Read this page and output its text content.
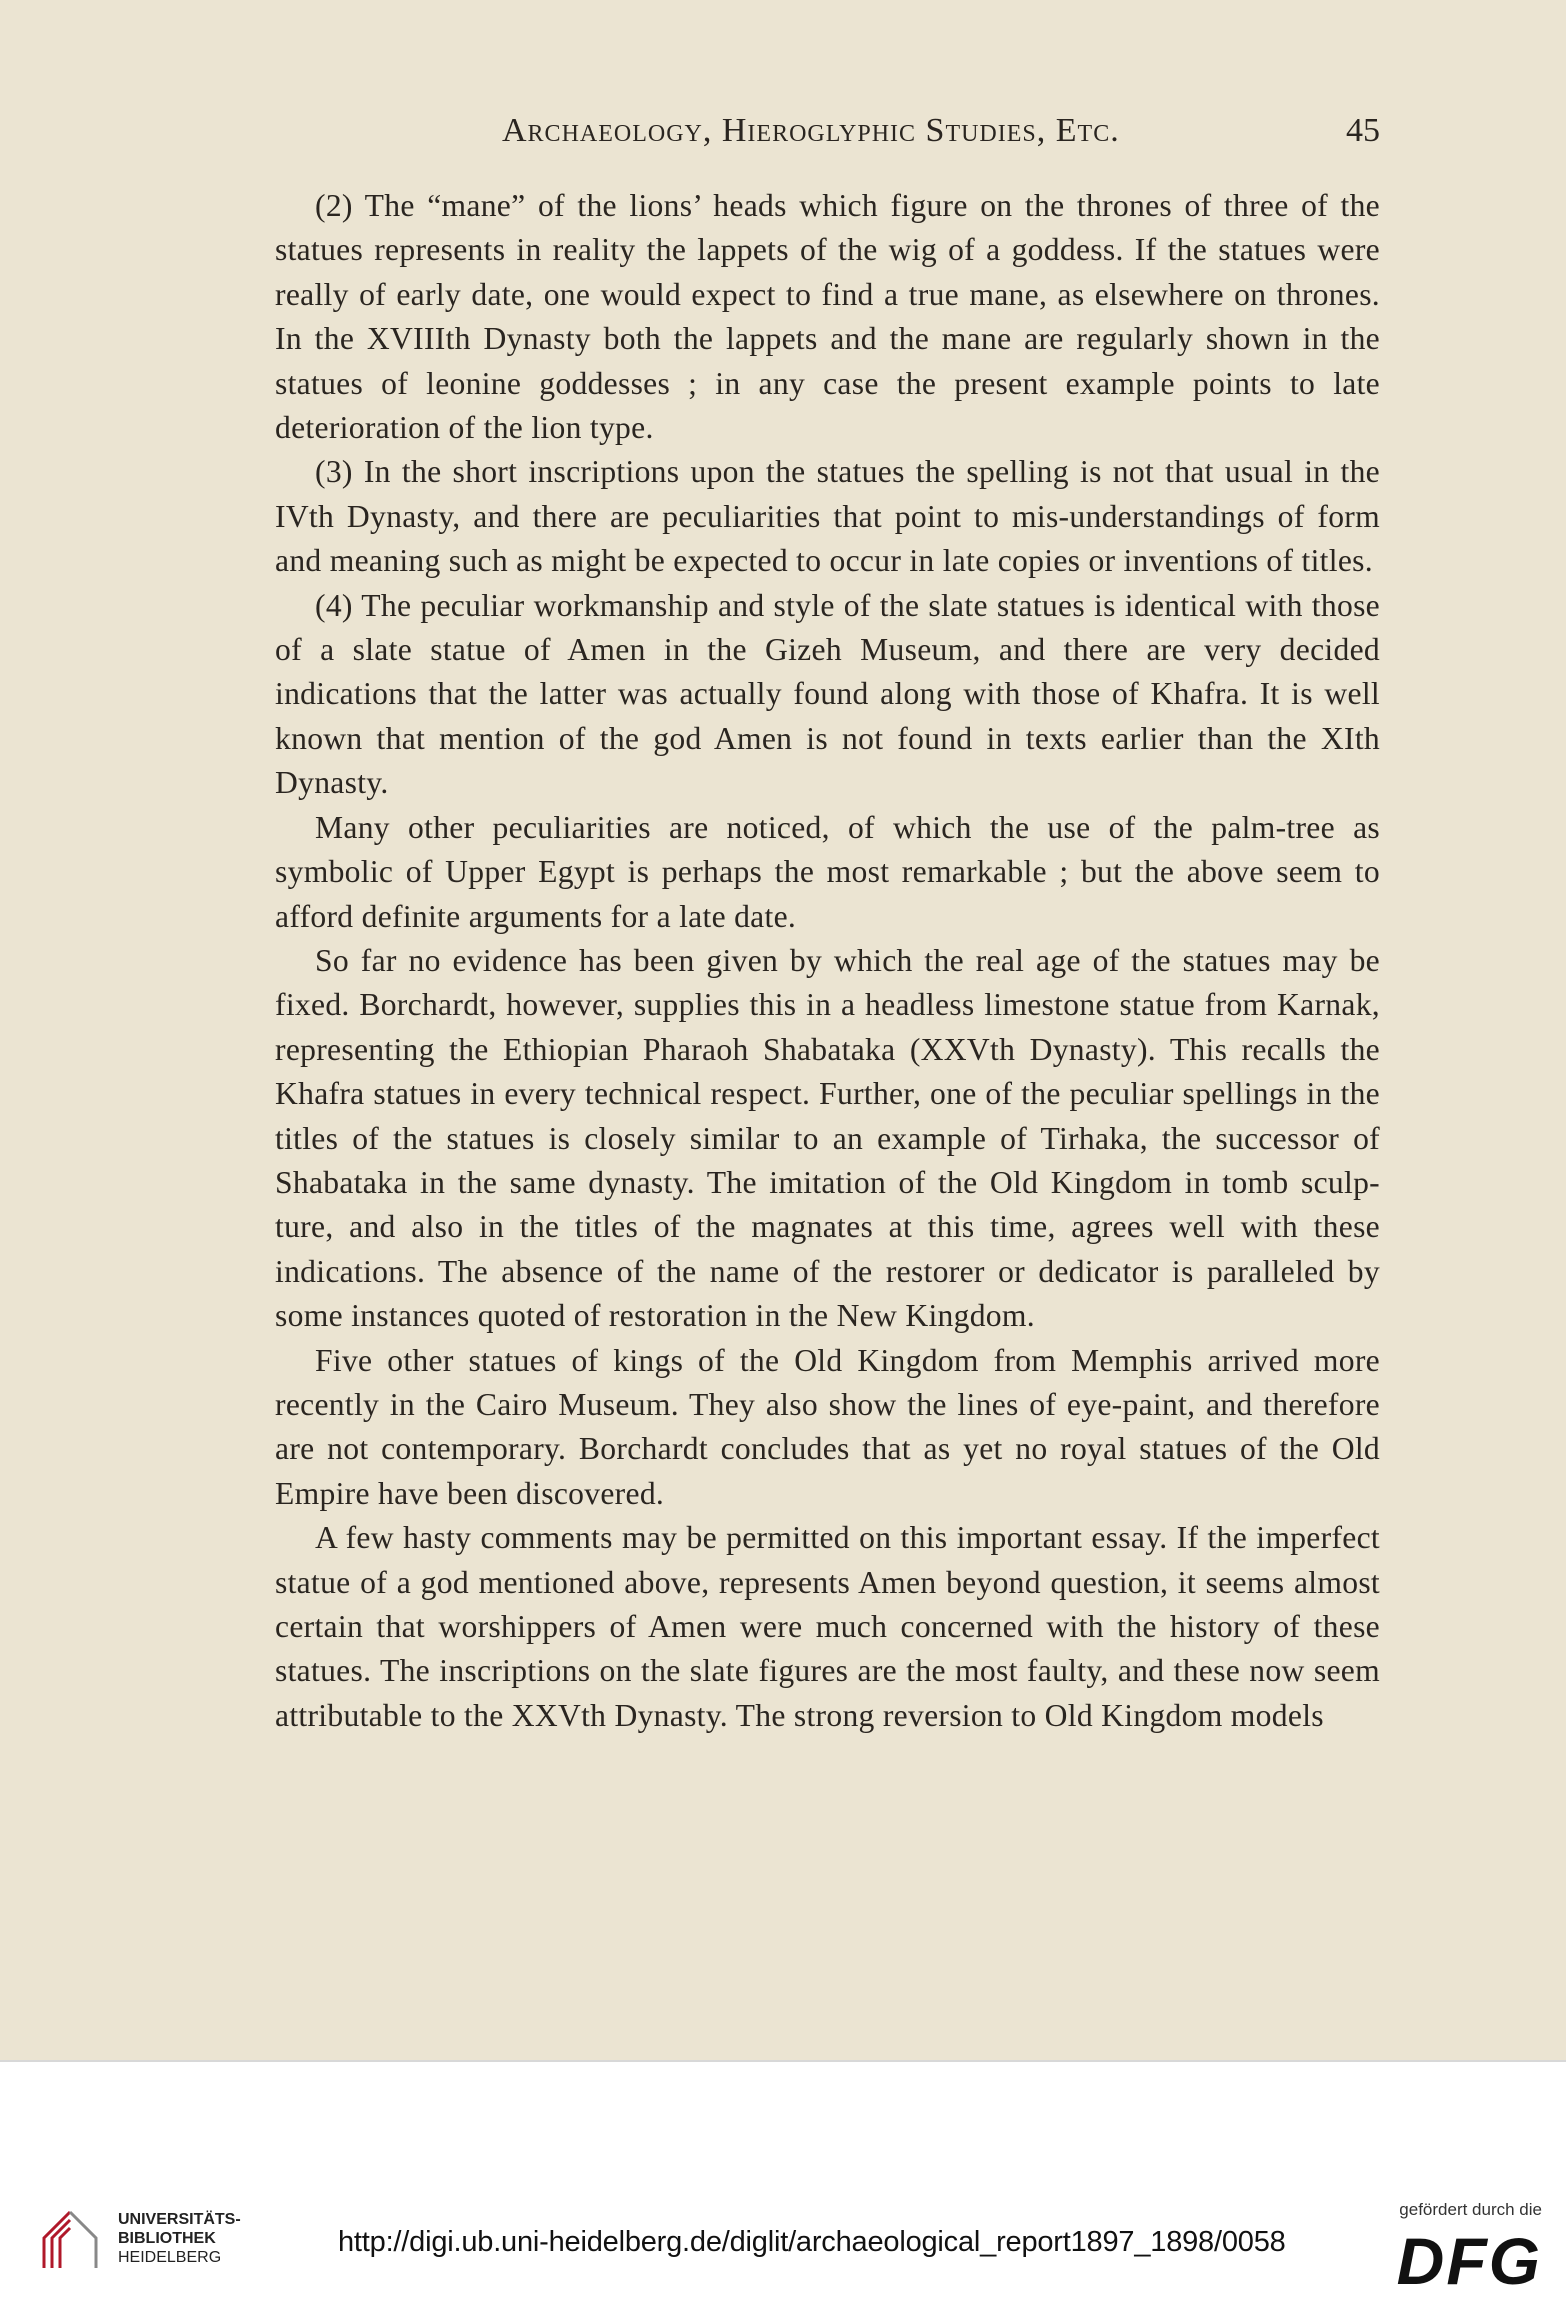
Archaeology, Hieroglyphic Studies, Etc.	45

(2) The “mane” of the lions’ heads which figure on the thrones of three of the statues represents in reality the lappets of the wig of a goddess. If the statues were really of early date, one would expect to find a true mane, as elsewhere on thrones. In the XVIIIth Dynasty both the lappets and the mane are regularly shown in the statues of leonine goddesses ; in any case the present example points to late deterioration of the lion type.

(3) In the short inscriptions upon the statues the spelling is not that usual in the IVth Dynasty, and there are peculiarities that point to mis-understandings of form and meaning such as might be expected to occur in late copies or inventions of titles.

(4) The peculiar workmanship and style of the slate statues is identical with those of a slate statue of Amen in the Gizeh Museum, and there are very decided indications that the latter was actually found along with those of Khafra. It is well known that mention of the god Amen is not found in texts earlier than the XIth Dynasty.

Many other peculiarities are noticed, of which the use of the palm-tree as symbolic of Upper Egypt is perhaps the most remarkable ; but the above seem to afford definite arguments for a late date.

So far no evidence has been given by which the real age of the statues may be fixed. Borchardt, however, supplies this in a headless limestone statue from Karnak, representing the Ethiopian Pharaoh Shabataka (XXVth Dynasty). This recalls the Khafra statues in every technical respect. Further, one of the peculiar spellings in the titles of the statues is closely similar to an example of Tirhaka, the successor of Shabataka in the same dynasty. The imitation of the Old Kingdom in tomb sculp-ture, and also in the titles of the magnates at this time, agrees well with these indications. The absence of the name of the restorer or dedicator is paralleled by some instances quoted of restoration in the New Kingdom.

Five other statues of kings of the Old Kingdom from Memphis arrived more recently in the Cairo Museum. They also show the lines of eye-paint, and therefore are not contemporary. Borchardt concludes that as yet no royal statues of the Old Empire have been discovered.

A few hasty comments may be permitted on this important essay. If the imperfect statue of a god mentioned above, represents Amen beyond question, it seems almost certain that worshippers of Amen were much concerned with the history of these statues. The inscriptions on the slate figures are the most faulty, and these now seem attributable to the XXVth Dynasty. The strong reversion to Old Kingdom models

UNIVERSITÄTS-
BIBLIOTHEK
HEIDELBERG	http://digi.ub.uni-heidelberg.de/diglit/archaeological_report1897_1898/0058
gefördert durch die
DFG
